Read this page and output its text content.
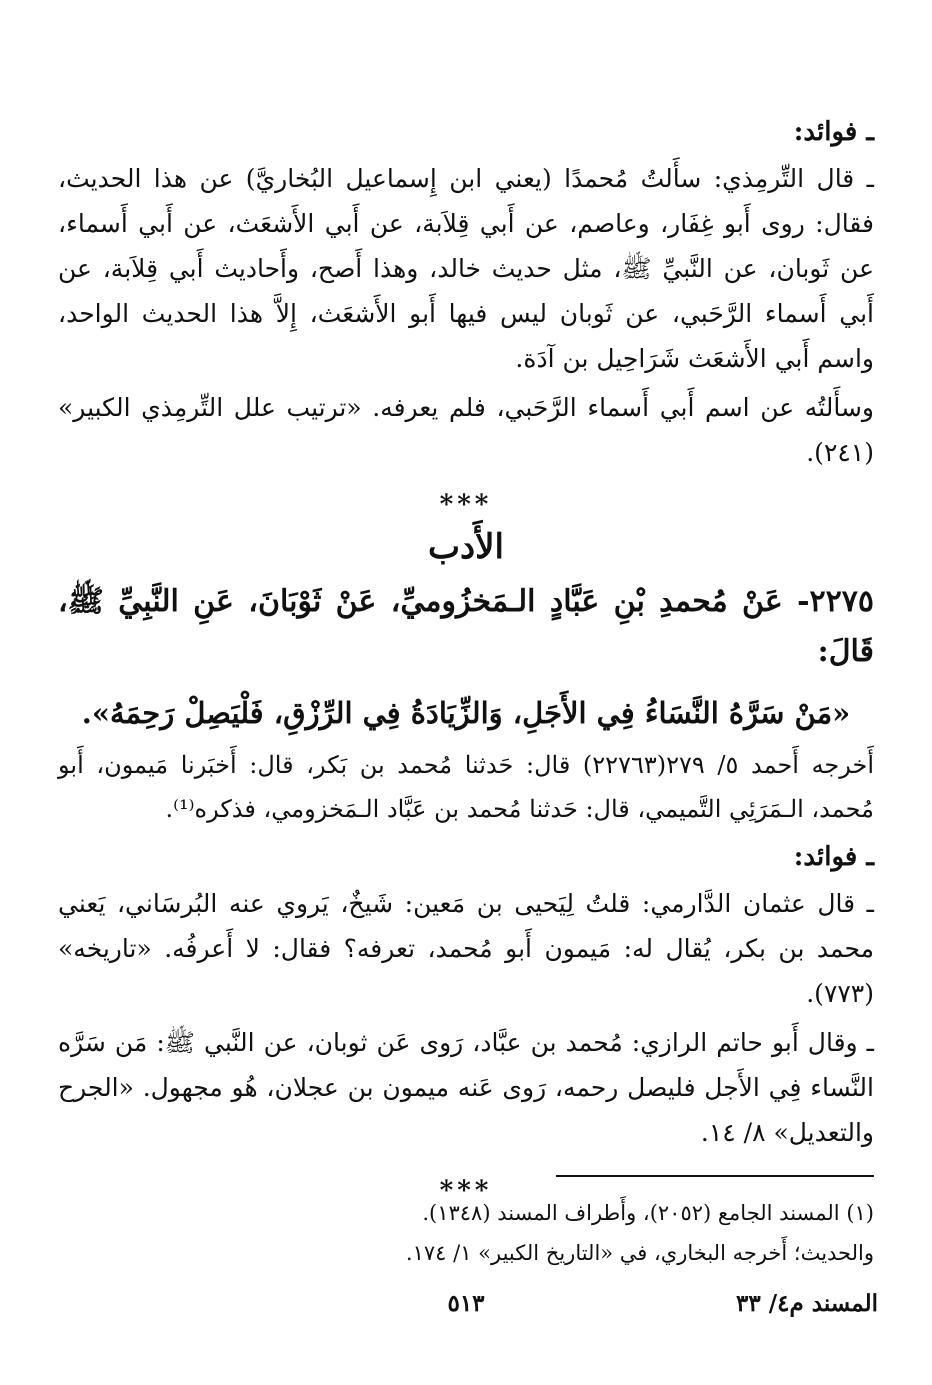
ـ فوائد:

ـ قال التِّرمِذي: سأَلتُ مُحمدًا (يعني ابن إِسماعيل البُخاريَّ) عن هذا الحديث، فقال: روى أَبو غِفَار، وعاصم، عن أَبي قِلاَبة، عن أَبي الأَشعَث، عن أَبي أَسماء، عن ثَوبان، عن النَّبيِّ ﷺ، مثل حديث خالد، وهذا أَصح، وأَحاديث أَبي قِلاَبة، عن أَبي أَسماء الرَّحَبي، عن ثَوبان ليس فيها أَبو الأَشعَث، إِلاَّ هذا الحديث الواحد، واسم أَبي الأَشعَث شَرَاحِيل بن آدَة.

وسأَلتُه عن اسم أَبي أَسماء الرَّحَبي، فلم يعرفه. «ترتيب علل التِّرمِذي الكبير» (٢٤١).

***
الأَدب

٢٢٧٥- عَنْ مُحمدِ بْنِ عَبَّادٍ الـمَخزُوميِّ، عَنْ ثَوْبَانَ، عَنِ النَّبِيِّ ﷺ، قَالَ:

«مَنْ سَرَّهُ النَّسَاءُ فِي الأَجَلِ، وَالزِّيَادَةُ فِي الرِّزْقِ، فَلْيَصِلْ رَحِمَهُ».

أَخرجه أَحمد ٥/ ٢٧٩(٢٢٧٦٣) قال: حَدثنا مُحمد بن بَكر، قال: أَخبَرنا مَيمون، أَبو مُحمد، الـمَرَئِي التَّميمي، قال: حَدثنا مُحمد بن عَبَّاد الـمَخزومي، فذكره⁽¹⁾.

ـ فوائد:

ـ قال عثمان الدَّارمي: قلتُ لِيَحيى بن مَعين: شَيخٌ، يَروي عنه البُرسَاني، يَعني محمد بن بكر، يُقال له: مَيمون أَبو مُحمد، تعرفه؟ فقال: لا أَعرفُه. «تاريخه» (٧٧٣).

ـ وقال أَبو حاتم الرازي: مُحمد بن عبَّاد، رَوى عَن ثوبان، عن النَّبي ﷺ: مَن سَرَّه النَّساء فِي الأَجل فليصل رحمه، رَوى عَنه ميمون بن عجلان، هُو مجهول. «الجرح والتعديل» ٨/ ١٤.

***

(١) المسند الجامع (٢٠٥٢)، وأَطراف المسند (١٣٤٨).

والحديث؛ أَخرجه البخاري، في «التاريخ الكبير» ١/ ١٧٤.

٥١٣	المسند م٤/ ٣٣
